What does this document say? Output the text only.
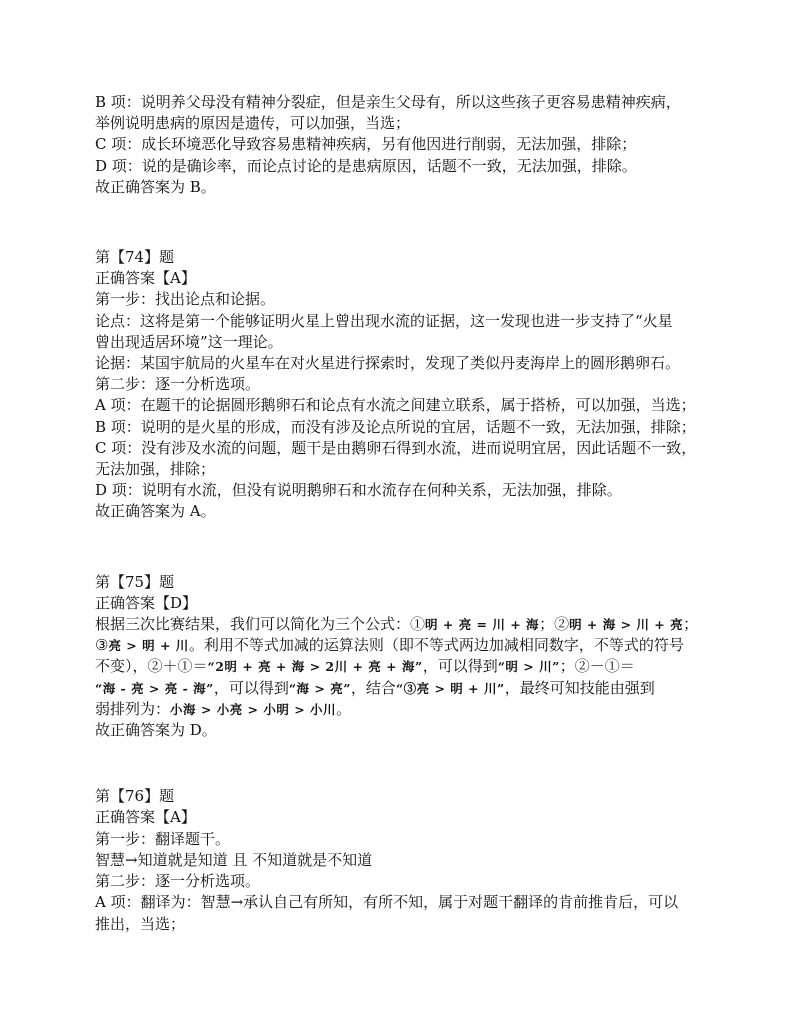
B 项：说明养父母没有精神分裂症，但是亲生父母有，所以这些孩子更容易患精神疾病，
举例说明患病的原因是遗传，可以加强，当选；
C 项：成长环境恶化导致容易患精神疾病，另有他因进行削弱，无法加强，排除；
D 项：说的是确诊率，而论点讨论的是患病原因，话题不一致，无法加强，排除。
故正确答案为 B。
第【74】题
正确答案【A】
第一步：找出论点和论据。
论点：这将是第一个能够证明火星上曾出现水流的证据，这一发现也进一步支持了“火星
曾出现适居环境”这一理论。
论据：某国宇航局的火星车在对火星进行探索时，发现了类似丹麦海岸上的圆形鹅卵石。
第二步：逐一分析选项。
A 项：在题干的论据圆形鹅卵石和论点有水流之间建立联系，属于搭桥，可以加强，当选；
B 项：说明的是火星的形成，而没有涉及论点所说的宜居，话题不一致，无法加强，排除；
C 项：没有涉及水流的问题，题干是由鹅卵石得到水流，进而说明宜居，因此话题不一致，
无法加强，排除；
D 项：说明有水流，但没有说明鹅卵石和水流存在何种关系，无法加强，排除。
故正确答案为 A。
第【75】题
正确答案【D】
根据三次比赛结果，我们可以简化为三个公式：①明 + 亮 = 川 + 海；②明 + 海 > 川 + 亮；
③亮 > 明 + 川。利用不等式加减的运算法则（即不等式两边加减相同数字，不等式的符号
不变），②＋①＝“2明 + 亮 + 海 > 2川 + 亮 + 海”，可以得到“明 > 川”；②－①＝
“海 - 亮 > 亮 - 海”，可以得到“海 > 亮”，结合“③亮 > 明 + 川”，最终可知技能由强到
弱排列为：小海 > 小亮 > 小明 > 小川。
故正确答案为 D。
第【76】题
正确答案【A】
第一步：翻译题干。
智慧→知道就是知道 且 不知道就是不知道
第二步：逐一分析选项。
A 项：翻译为：智慧→承认自己有所知，有所不知，属于对题干翻译的肯前推肯后，可以
推出，当选；
